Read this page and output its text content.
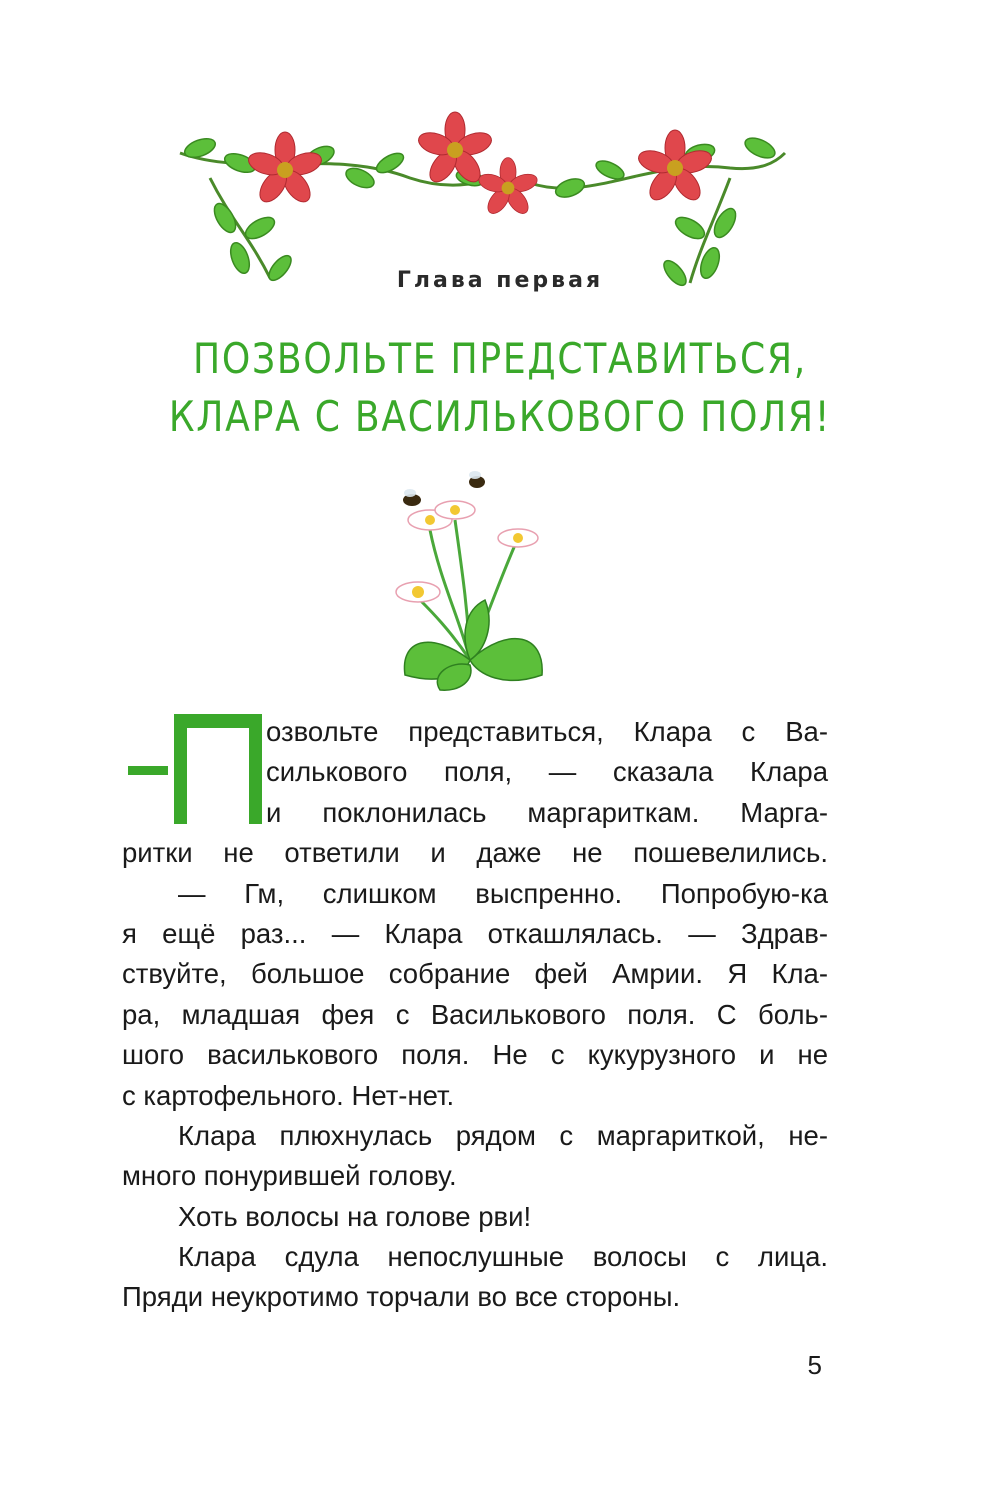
Глава первая
ПОЗВОЛЬТЕ ПРЕДСТАВИТЬСЯ,
КЛАРА С ВАСИЛЬКОВОГО ПОЛЯ!
озвольте представиться, Клара с Ва-
силькового поля, — сказала Клара
и поклонилась маргариткам. Марга-
ритки не ответили и даже не пошевелились.
— Гм, слишком выспренно. Попробую-ка
я ещё раз... — Клара откашлялась. — Здрав-
ствуйте, большое собрание фей Амрии. Я Кла-
ра, младшая фея с Василькового поля. С боль-
шого василькового поля. Не с кукурузного и не
с картофельного. Нет-нет.
Клара плюхнулась рядом с маргариткой, не-
много понурившей голову.
Хоть волосы на голове рви!
Клара сдула непослушные волосы с лица.
Пряди неукротимо торчали во все стороны.
5
